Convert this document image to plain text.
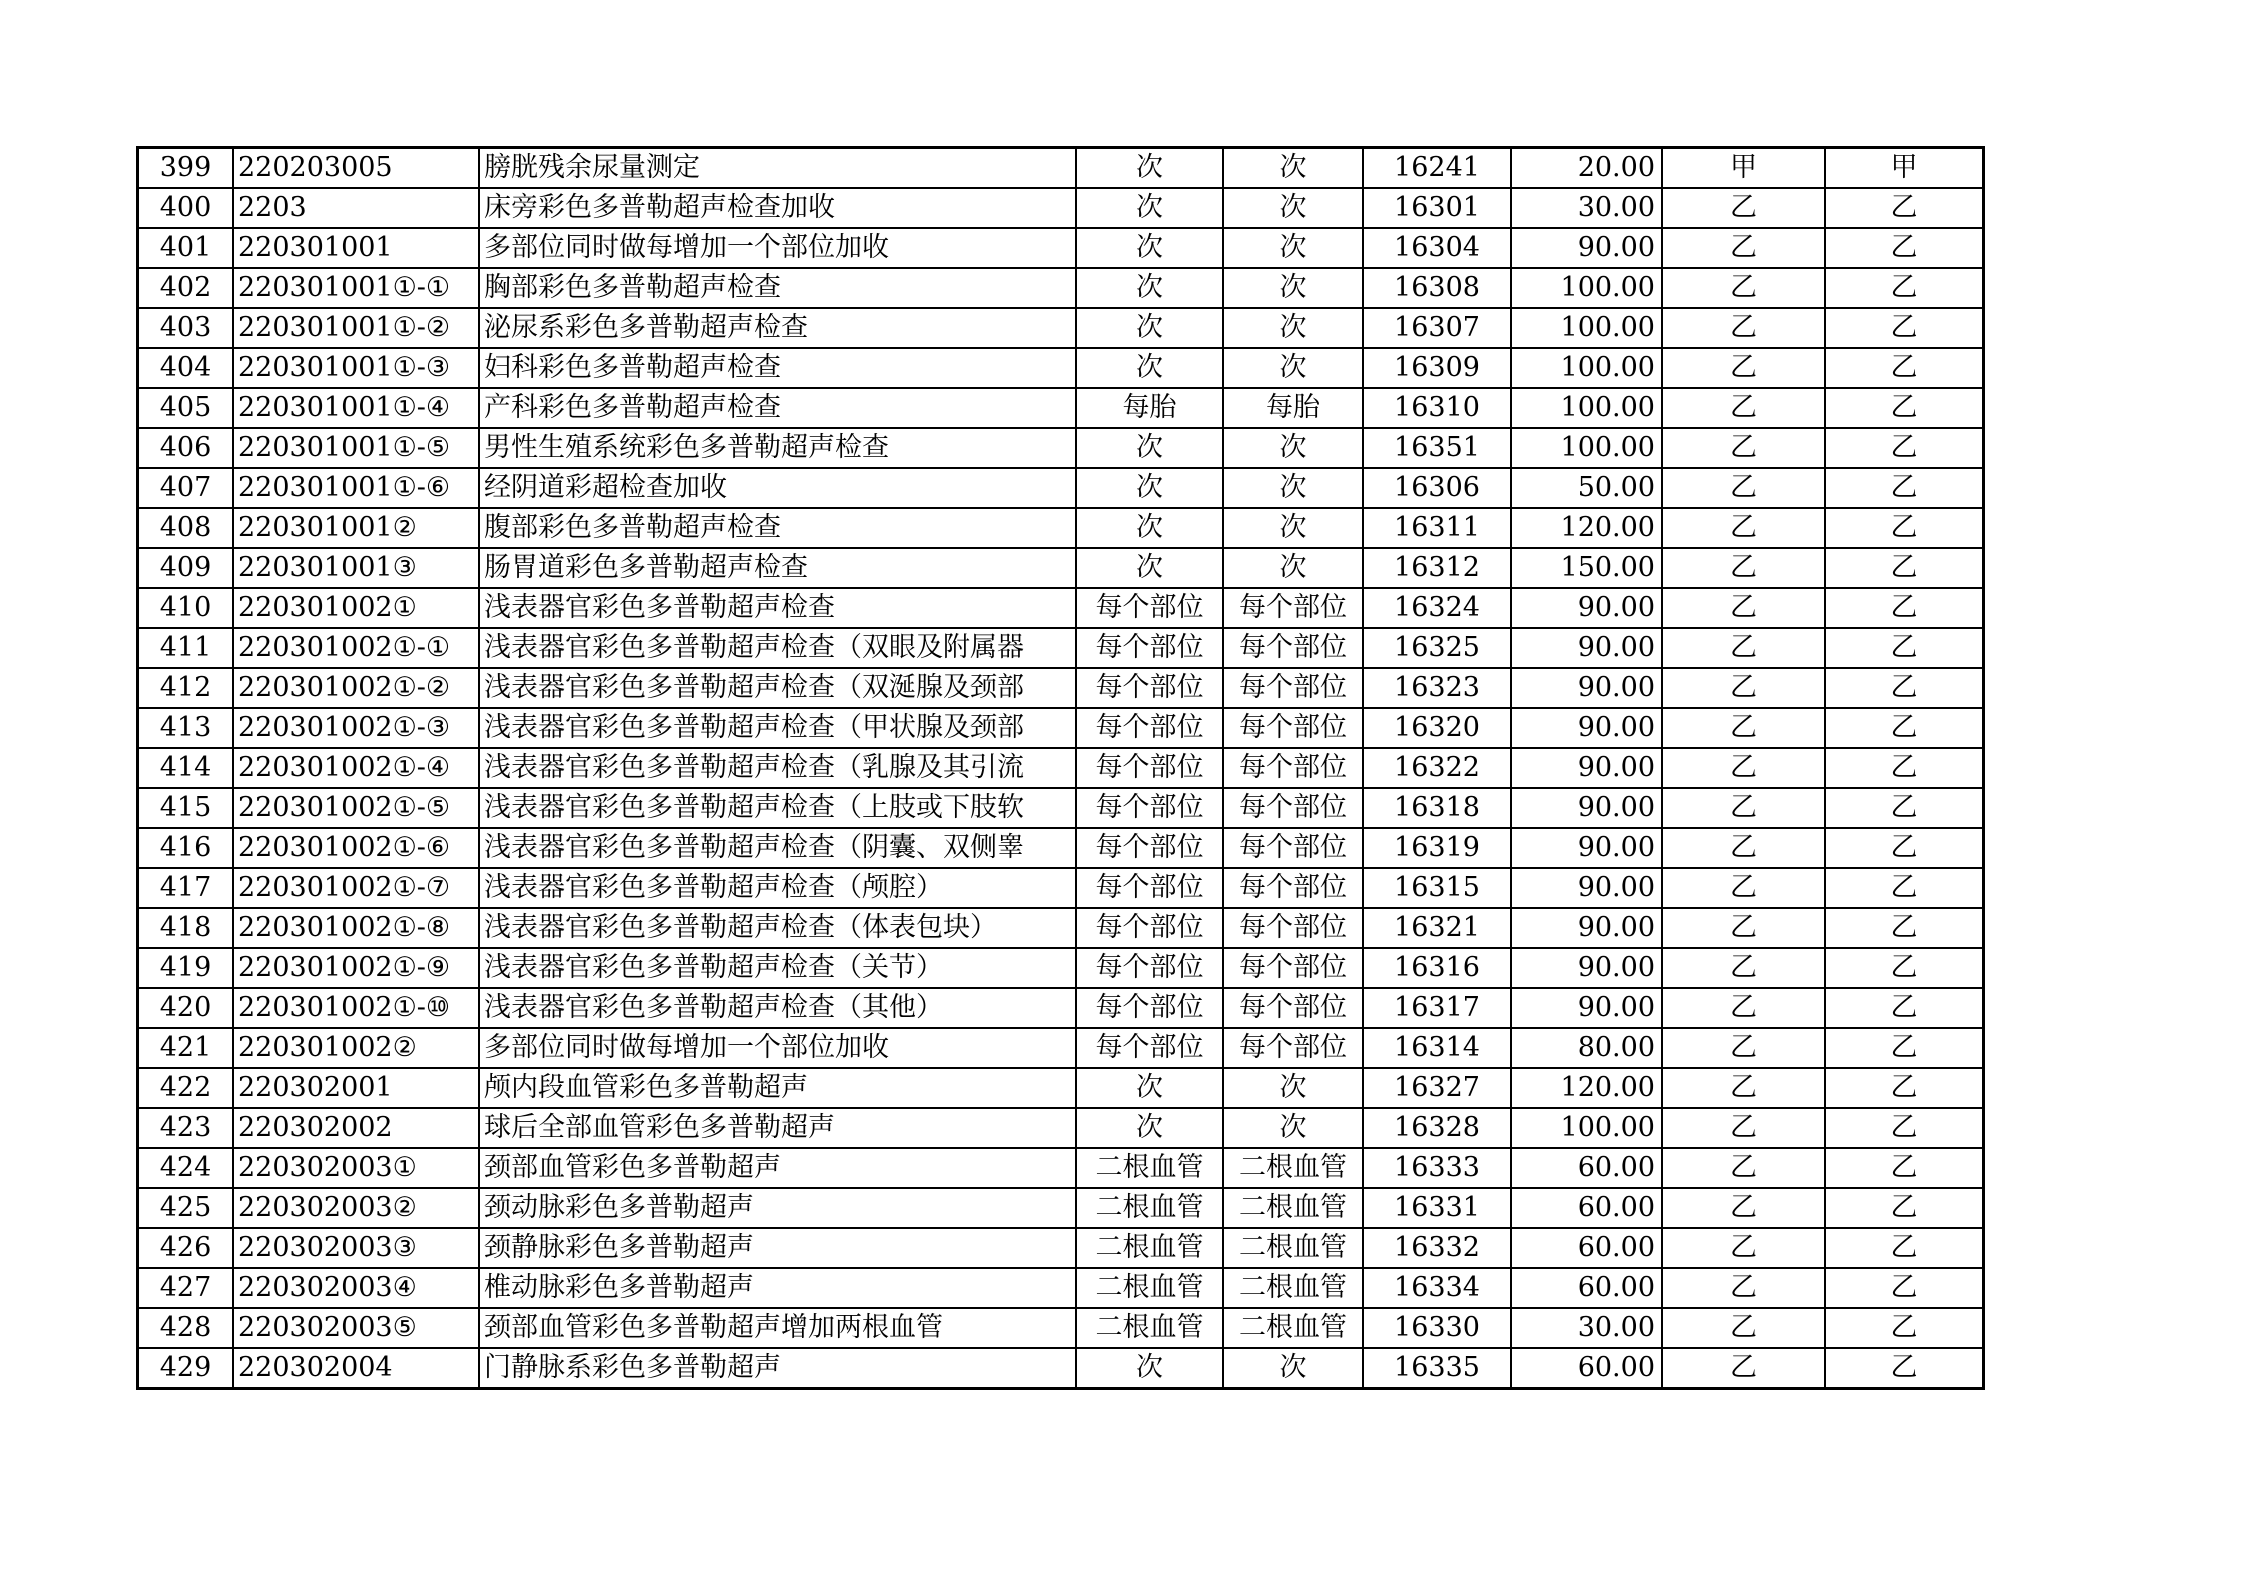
399	220203005	膀胱残余尿量测定	次	次	16241	20.00	甲	甲
400	2203	床旁彩色多普勒超声检查加收	次	次	16301	30.00	乙	乙
401	220301001	多部位同时做每增加一个部位加收	次	次	16304	90.00	乙	乙
402	220301001①-①	胸部彩色多普勒超声检查	次	次	16308	100.00	乙	乙
403	220301001①-②	泌尿系彩色多普勒超声检查	次	次	16307	100.00	乙	乙
404	220301001①-③	妇科彩色多普勒超声检查	次	次	16309	100.00	乙	乙
405	220301001①-④	产科彩色多普勒超声检查	每胎	每胎	16310	100.00	乙	乙
406	220301001①-⑤	男性生殖系统彩色多普勒超声检查	次	次	16351	100.00	乙	乙
407	220301001①-⑥	经阴道彩超检查加收	次	次	16306	50.00	乙	乙
408	220301001②	腹部彩色多普勒超声检查	次	次	16311	120.00	乙	乙
409	220301001③	肠胃道彩色多普勒超声检查	次	次	16312	150.00	乙	乙
410	220301002①	浅表器官彩色多普勒超声检查	每个部位	每个部位	16324	90.00	乙	乙
411	220301002①-①	浅表器官彩色多普勒超声检查（双眼及附属器	每个部位	每个部位	16325	90.00	乙	乙
412	220301002①-②	浅表器官彩色多普勒超声检查（双涎腺及颈部	每个部位	每个部位	16323	90.00	乙	乙
413	220301002①-③	浅表器官彩色多普勒超声检查（甲状腺及颈部	每个部位	每个部位	16320	90.00	乙	乙
414	220301002①-④	浅表器官彩色多普勒超声检查（乳腺及其引流	每个部位	每个部位	16322	90.00	乙	乙
415	220301002①-⑤	浅表器官彩色多普勒超声检查（上肢或下肢软	每个部位	每个部位	16318	90.00	乙	乙
416	220301002①-⑥	浅表器官彩色多普勒超声检查（阴囊、双侧睾	每个部位	每个部位	16319	90.00	乙	乙
417	220301002①-⑦	浅表器官彩色多普勒超声检查（颅腔）	每个部位	每个部位	16315	90.00	乙	乙
418	220301002①-⑧	浅表器官彩色多普勒超声检查（体表包块）	每个部位	每个部位	16321	90.00	乙	乙
419	220301002①-⑨	浅表器官彩色多普勒超声检查（关节）	每个部位	每个部位	16316	90.00	乙	乙
420	220301002①-⑩	浅表器官彩色多普勒超声检查（其他）	每个部位	每个部位	16317	90.00	乙	乙
421	220301002②	多部位同时做每增加一个部位加收	每个部位	每个部位	16314	80.00	乙	乙
422	220302001	颅内段血管彩色多普勒超声	次	次	16327	120.00	乙	乙
423	220302002	球后全部血管彩色多普勒超声	次	次	16328	100.00	乙	乙
424	220302003①	颈部血管彩色多普勒超声	二根血管	二根血管	16333	60.00	乙	乙
425	220302003②	颈动脉彩色多普勒超声	二根血管	二根血管	16331	60.00	乙	乙
426	220302003③	颈静脉彩色多普勒超声	二根血管	二根血管	16332	60.00	乙	乙
427	220302003④	椎动脉彩色多普勒超声	二根血管	二根血管	16334	60.00	乙	乙
428	220302003⑤	颈部血管彩色多普勒超声增加两根血管	二根血管	二根血管	16330	30.00	乙	乙
429	220302004	门静脉系彩色多普勒超声	次	次	16335	60.00	乙	乙
